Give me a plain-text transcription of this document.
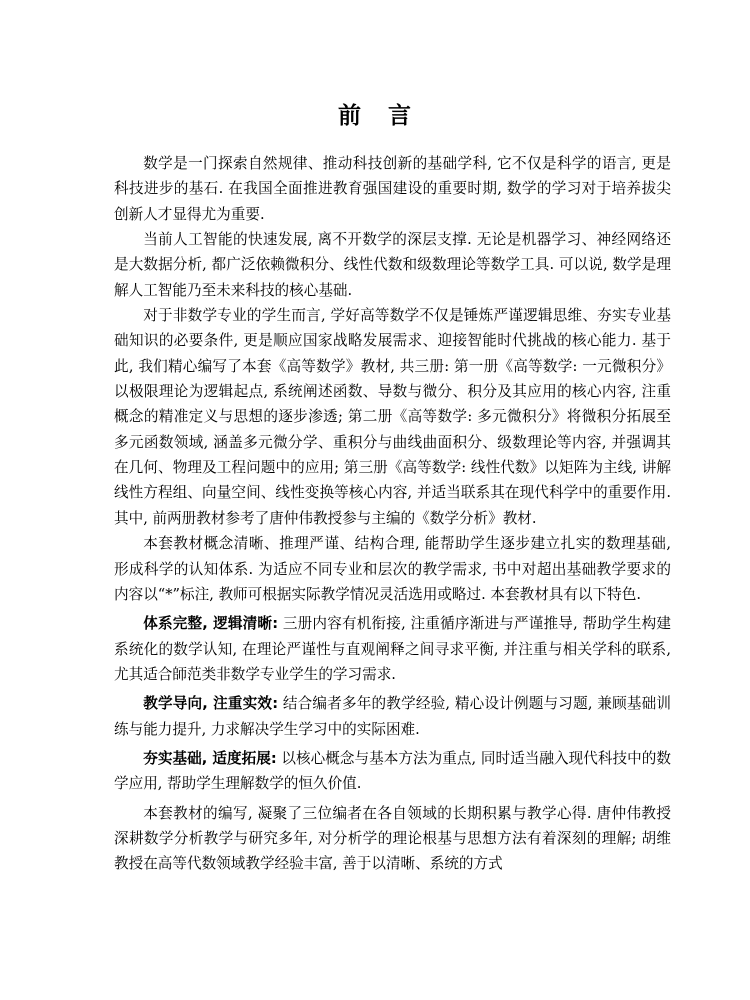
前 言

数学是一门探索自然规律、推动科技创新的基础学科, 它不仅是科学的语言, 更是科技进步的基石. 在我国全面推进教育强国建设的重要时期, 数学的学习对于培养拔尖创新人才显得尤为重要.

当前人工智能的快速发展, 离不开数学的深层支撑. 无论是机器学习、神经网络还是大数据分析, 都广泛依赖微积分、线性代数和级数理论等数学工具. 可以说, 数学是理解人工智能乃至未来科技的核心基础.

对于非数学专业的学生而言, 学好高等数学不仅是锤炼严谨逻辑思维、夯实专业基础知识的必要条件, 更是顺应国家战略发展需求、迎接智能时代挑战的核心能力. 基于此, 我们精心编写了本套《高等数学》教材, 共三册: 第一册《高等数学: 一元微积分》以极限理论为逻辑起点, 系统阐述函数、导数与微分、积分及其应用的核心内容, 注重概念的精准定义与思想的逐步渗透; 第二册《高等数学: 多元微积分》将微积分拓展至多元函数领域, 涵盖多元微分学、重积分与曲线曲面积分、级数理论等内容, 并强调其在几何、物理及工程问题中的应用; 第三册《高等数学: 线性代数》以矩阵为主线, 讲解线性方程组、向量空间、线性变换等核心内容, 并适当联系其在现代科学中的重要作用. 其中, 前两册教材参考了唐仲伟教授参与主编的《数学分析》教材.

本套教材概念清晰、推理严谨、结构合理, 能帮助学生逐步建立扎实的数理基础, 形成科学的认知体系. 为适应不同专业和层次的教学需求, 书中对超出基础教学要求的内容以“*”标注, 教师可根据实际教学情况灵活选用或略过. 本套教材具有以下特色.

体系完整, 逻辑清晰: 三册内容有机衔接, 注重循序渐进与严谨推导, 帮助学生构建系统化的数学认知, 在理论严谨性与直观阐释之间寻求平衡, 并注重与相关学科的联系, 尤其适合師范类非数学专业学生的学习需求.

教学导向, 注重实效: 结合编者多年的教学经验, 精心设计例题与习题, 兼顾基础训练与能力提升, 力求解决学生学习中的实际困难.

夯实基础, 适度拓展: 以核心概念与基本方法为重点, 同时适当融入现代科技中的数学应用, 帮助学生理解数学的恒久价值.

本套教材的编写, 凝聚了三位编者在各自领域的长期积累与教学心得. 唐仲伟教授深耕数学分析教学与研究多年, 对分析学的理论根基与思想方法有着深刻的理解; 胡维教授在高等代数领域教学经验丰富, 善于以清晰、系统的方式
